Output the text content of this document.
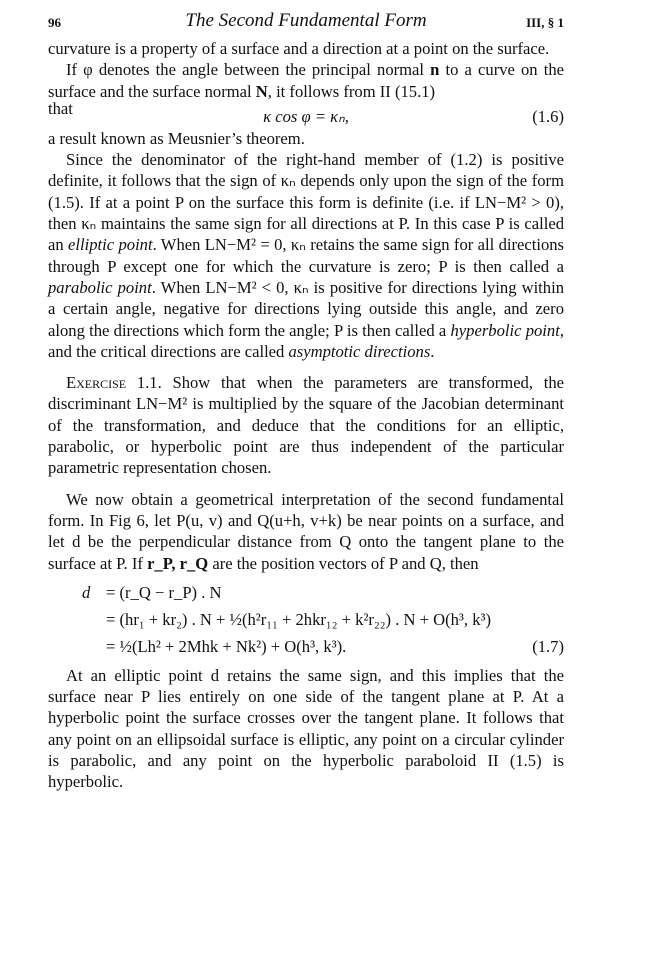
96	The Second Fundamental Form	III, § 1

curvature is a property of a surface and a direction at a point on the surface.

If φ denotes the angle between the principal normal n to a curve on the surface and the surface normal N, it follows from II (15.1)

that	κ cos φ = κₙ,	(1.6)

a result known as Meusnier’s theorem.

Since the denominator of the right-hand member of (1.2) is positive definite, it follows that the sign of κₙ depends only upon the sign of the form (1.5). If at a point P on the surface this form is definite (i.e. if LN−M² > 0), then κₙ maintains the same sign for all directions at P. In this case P is called an elliptic point. When LN−M² = 0, κₙ retains the same sign for all directions through P except one for which the curvature is zero; P is then called a parabolic point. When LN−M² < 0, κₙ is positive for directions lying within a certain angle, negative for directions lying outside this angle, and zero along the directions which form the angle; P is then called a hyperbolic point, and the critical directions are called asymptotic directions.

Exercise 1.1. Show that when the parameters are transformed, the discriminant LN−M² is multiplied by the square of the Jacobian determinant of the transformation, and deduce that the conditions for an elliptic, parabolic, or hyperbolic point are thus independent of the particular parametric representation chosen.

We now obtain a geometrical interpretation of the second fundamental form. In Fig 6, let P(u, v) and Q(u+h, v+k) be near points on a surface, and let d be the perpendicular distance from Q onto the tangent plane to the surface at P. If r_P, r_Q are the position vectors of P and Q, then

d = (r_Q − r_P) . N
= (hr₁ + kr₂) . N + ½(h²r₁₁ + 2hkr₁₂ + k²r₂₂) . N + O(h³, k³)
= ½(Lh² + 2Mhk + Nk²) + O(h³, k³).	(1.7)

At an elliptic point d retains the same sign, and this implies that the surface near P lies entirely on one side of the tangent plane at P. At a hyperbolic point the surface crosses over the tangent plane. It follows that any point on an ellipsoidal surface is elliptic, any point on a circular cylinder is parabolic, and any point on the hyperbolic paraboloid II (1.5) is hyperbolic.
